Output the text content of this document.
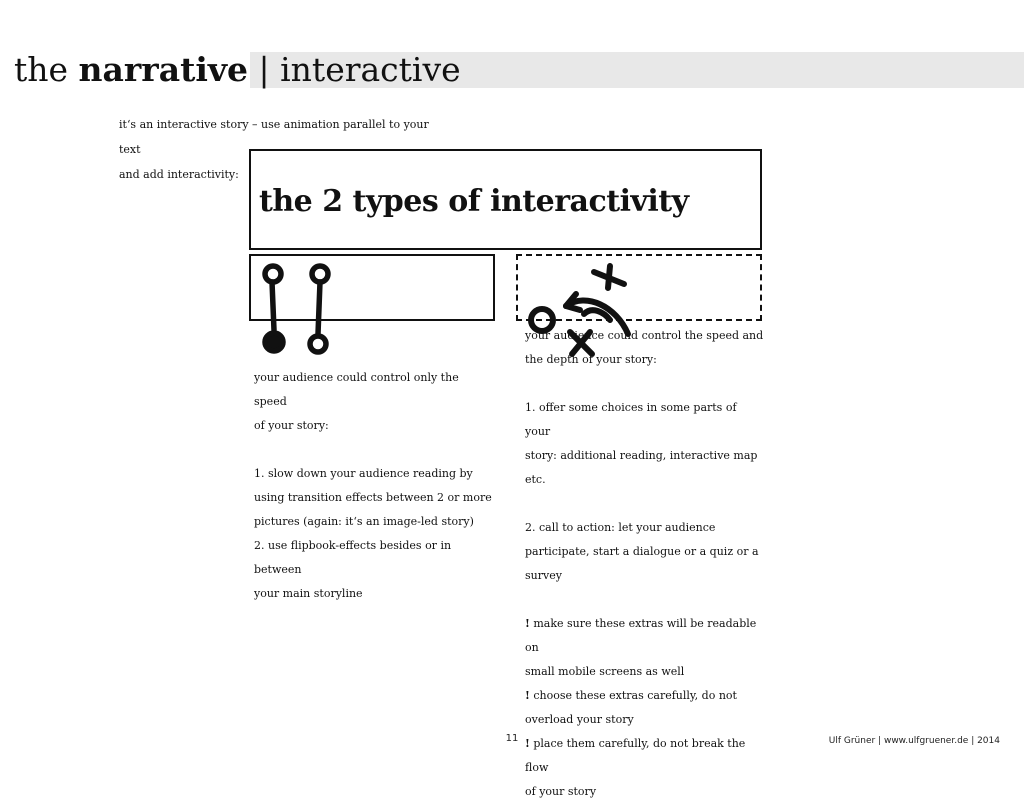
the narrative | interactive
it‘s an interactive story – use animation parallel to your text
and add interactivity:
the 2 types of interactivity

your audience could control only the speed

of your story:

1. slow down your audience reading by

using transition effects between 2 or more

pictures (again: it‘s an image-led story)

2. use flipbook-effects besides or in between

your main storyline

your audience could control the speed and

the depth of your story:

1. offer some choices in some parts of your

story: additional reading, interactive map

etc.

2. call to action: let your audience

participate, start a dialogue or a quiz or a

survey

! make sure these extras will be readable on

small mobile screens as well

! choose these extras carefully, do not

overload your story

! place them carefully, do not break the flow

of your story

11	Ulf Grüner | www.ulfgruener.de | 2014
